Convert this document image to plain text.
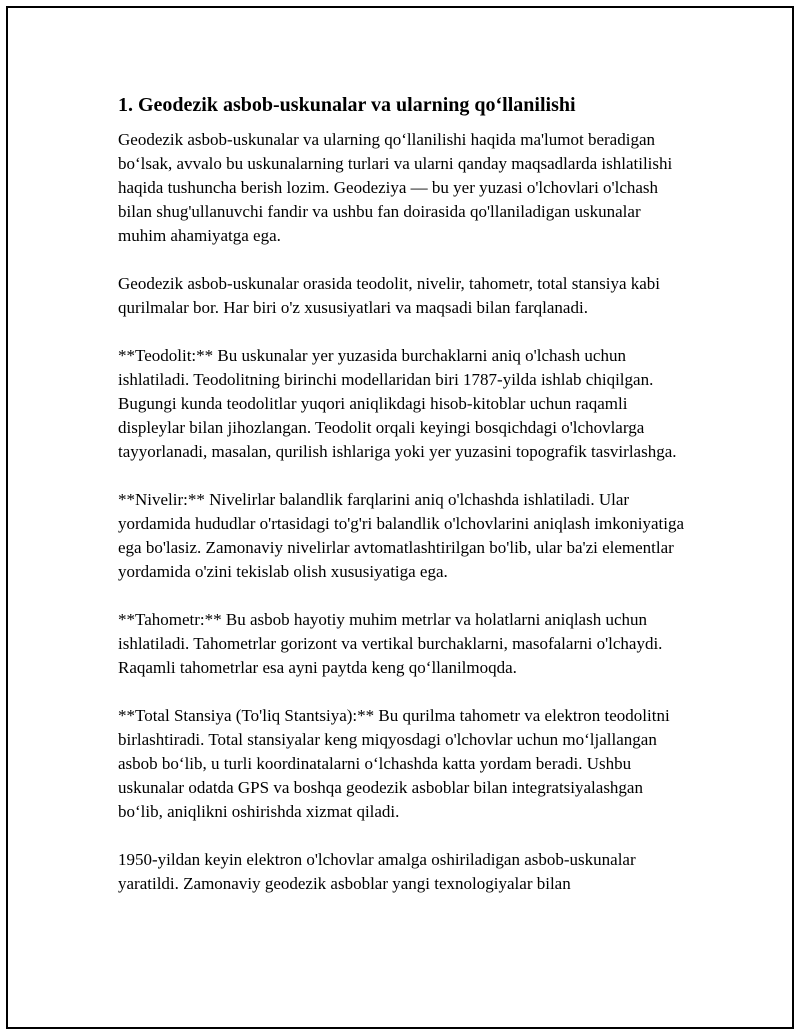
1. Geodezik asbob-uskunalar va ularning qo‘llanilishi

Geodezik asbob-uskunalar va ularning qo‘llanilishi haqida ma'lumot beradigan bo‘lsak, avvalo bu uskunalarning turlari va ularni qanday maqsadlarda ishlatilishi haqida tushuncha berish lozim. Geodeziya — bu yer yuzasi o'lchovlari o'lchash bilan shug'ullanuvchi fandir va ushbu fan doirasida qo'llaniladigan uskunalar muhim ahamiyatga ega.

Geodezik asbob-uskunalar orasida teodolit, nivelir, tahometr, total stansiya kabi qurilmalar bor. Har biri o'z xususiyatlari va maqsadi bilan farqlanadi.

**Teodolit:** Bu uskunalar yer yuzasida burchaklarni aniq o'lchash uchun ishlatiladi. Teodolitning birinchi modellaridan biri 1787-yilda ishlab chiqilgan. Bugungi kunda teodolitlar yuqori aniqlikdagi hisob-kitoblar uchun raqamli displeylar bilan jihozlangan. Teodolit orqali keyingi bosqichdagi o'lchovlarga tayyorlanadi, masalan, qurilish ishlariga yoki yer yuzasini topografik tasvirlashga.

**Nivelir:** Nivelirlar balandlik farqlarini aniq o'lchashda ishlatiladi. Ular yordamida hududlar o'rtasidagi to'g'ri balandlik o'lchovlarini aniqlash imkoniyatiga ega bo'lasiz. Zamonaviy nivelirlar avtomatlashtirilgan bo'lib, ular ba'zi elementlar yordamida o'zini tekislab olish xususiyatiga ega.

**Tahometr:** Bu asbob hayotiy muhim metrlar va holatlarni aniqlash uchun ishlatiladi. Tahometrlar gorizont va vertikal burchaklarni, masofalarni o'lchaydi. Raqamli tahometrlar esa ayni paytda keng qo‘llanilmoqda.

**Total Stansiya (To'liq Stantsiya):** Bu qurilma tahometr va elektron teodolitni birlashtiradi. Total stansiyalar keng miqyosdagi o'lchovlar uchun mo‘ljallangan asbob bo‘lib, u turli koordinatalarni o‘lchashda katta yordam beradi. Ushbu uskunalar odatda GPS va boshqa geodezik asboblar bilan integratsiyalashgan bo‘lib, aniqlikni oshirishda xizmat qiladi.

1950-yildan keyin elektron o'lchovlar amalga oshiriladigan asbob-uskunalar yaratildi. Zamonaviy geodezik asboblar yangi texnologiyalar bilan
